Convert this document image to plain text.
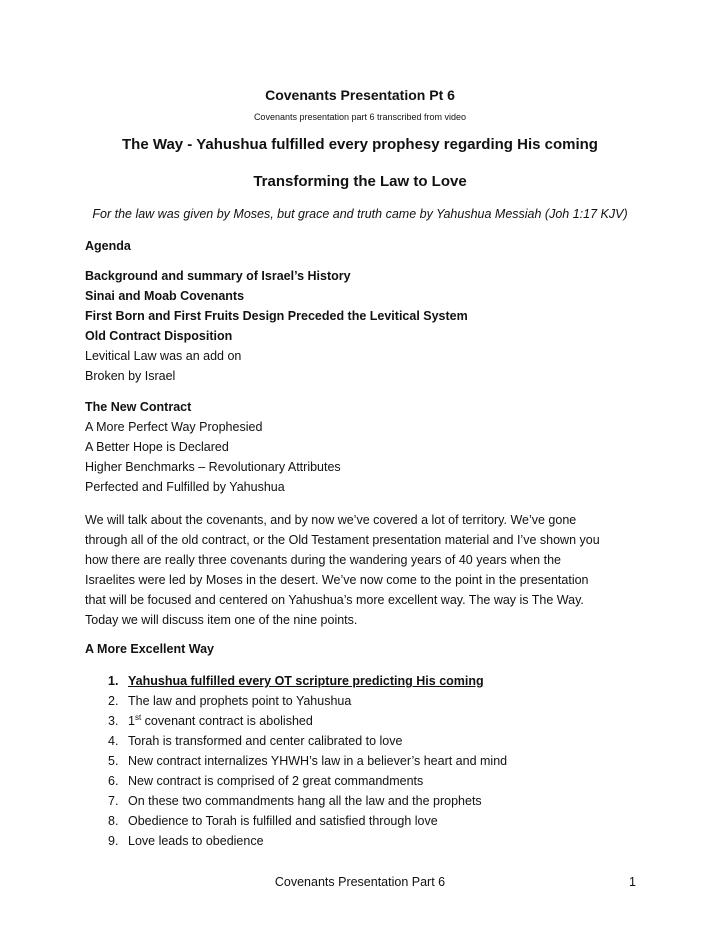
Covenants Presentation Pt 6
Covenants presentation part 6 transcribed from video
The Way - Yahushua fulfilled every prophesy regarding His coming
Transforming the Law to Love
For the law was given by Moses, but grace and truth came by Yahushua Messiah (Joh 1:17 KJV)
Agenda
Background and summary of Israel’s History
Sinai and Moab Covenants
First Born and First Fruits Design Preceded the Levitical System
Old Contract Disposition
Levitical Law was an add on
Broken by Israel
The New Contract
A More Perfect Way Prophesied
A Better Hope is Declared
Higher Benchmarks – Revolutionary Attributes
Perfected and Fulfilled by Yahushua

We will talk about the covenants, and by now we’ve covered a lot of territory. We’ve gone

through all of the old contract, or the Old Testament presentation material and I’ve shown you

how there are really three covenants during the wandering years of 40 years when the

Israelites were led by Moses in the desert. We’ve now come to the point in the presentation

that will be focused and centered on Yahushua’s more excellent way. The way is The Way.

Today we will discuss item one of the nine points.

A More Excellent Way
1. Yahushua fulfilled every OT scripture predicting His coming
2. The law and prophets point to Yahushua
3. 1st covenant contract is abolished
4. Torah is transformed and center calibrated to love
5. New contract internalizes YHWH’s law in a believer’s heart and mind
6. New contract is comprised of 2 great commandments
7. On these two commandments hang all the law and the prophets
8. Obedience to Torah is fulfilled and satisfied through love
9. Love leads to obedience
Covenants Presentation Part 6	1
